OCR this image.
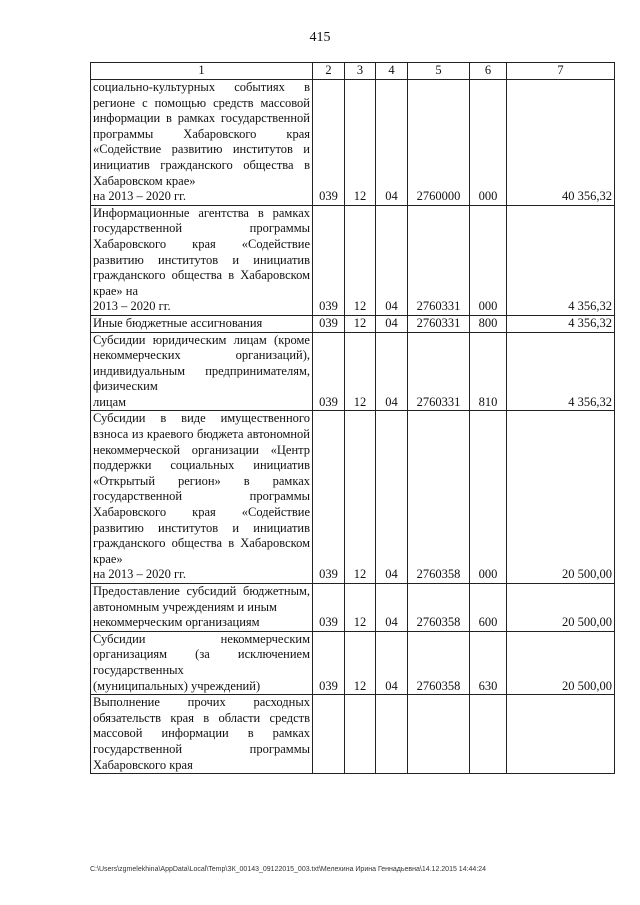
415
1	2	3	4	5	6	7
социально-культурных событиях в регионе с помощью средств массовой информации в рамках государственной программы Хабаровского края «Содействие развитию институтов и инициатив гражданского общества в Хабаровском крае»
на 2013 – 2020 гг.	039	12	04	2760000	000	40 356,32
Информационные агентства в рамках государственной программы Хабаровского края «Содействие развитию институтов и инициатив гражданского общества в Хабаровском крае» на
2013 – 2020 гг.	039	12	04	2760331	000	4 356,32

Иные бюджетные ассигнования	039	12	04	2760331	800	4 356,32
Субсидии юридическим лицам (кроме некоммерческих организаций), индивидуальным предпринимателям, физическим
лицам	039	12	04	2760331	810	4 356,32
Субсидии в виде имущественного взноса из краевого бюджета автономной некоммерческой организации «Центр поддержки социальных инициатив «Открытый регион» в рамках государственной программы Хабаровского края «Содействие развитию институтов и инициатив гражданского общества в Хабаровском крае»
на 2013 – 2020 гг.	039	12	04	2760358	000	20 500,00
Предоставление субсидий бюджетным, автономным учреждениям и иным
некоммерческим организациям	039	12	04	2760358	600	20 500,00
Субсидии некоммерческим организациям (за исключением государственных
(муниципальных) учреждений)	039	12	04	2760358	630	20 500,00
Выполнение прочих расходных обязательств края в области средств массовой информации в рамках государственной программы Хабаровского края

C:\Users\zgmelekhina\AppData\Local\Temp\ЗК_00143_09122015_003.txt\Мелехина Ирина Геннадьевна\14.12.2015 14:44:24
